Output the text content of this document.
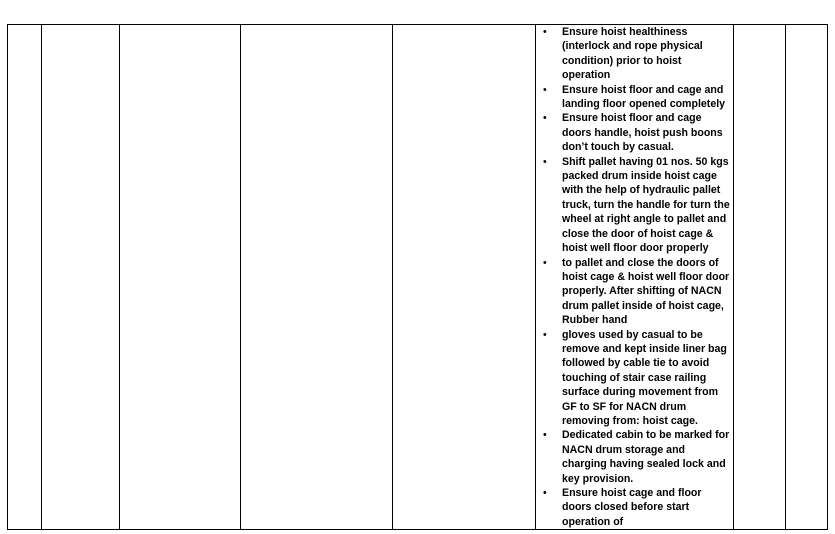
• Ensure hoist healthiness (interlock and rope physical condition) prior to hoist operation
• Ensure hoist floor and cage and landing floor opened completely
• Ensure hoist floor and cage doors handle, hoist push boons don’t touch by casual.
• Shift pallet having 01 nos. 50 kgs packed drum inside hoist cage with the help of hydraulic pallet truck, turn the handle for turn the wheel at right angle to pallet and close the door of hoist cage & hoist well floor door properly
• to pallet and close the doors of hoist cage & hoist well floor door properly. After shifting of NACN drum pallet inside of hoist cage, Rubber hand
• gloves used by casual to be remove and kept inside liner bag followed by cable tie to avoid touching of stair case railing surface during movement from GF to SF for NACN drum removing from: hoist cage.
• Dedicated cabin to be marked for NACN drum storage and charging having sealed lock and key provision.
• Ensure hoist cage and floor doors closed before start operation of
